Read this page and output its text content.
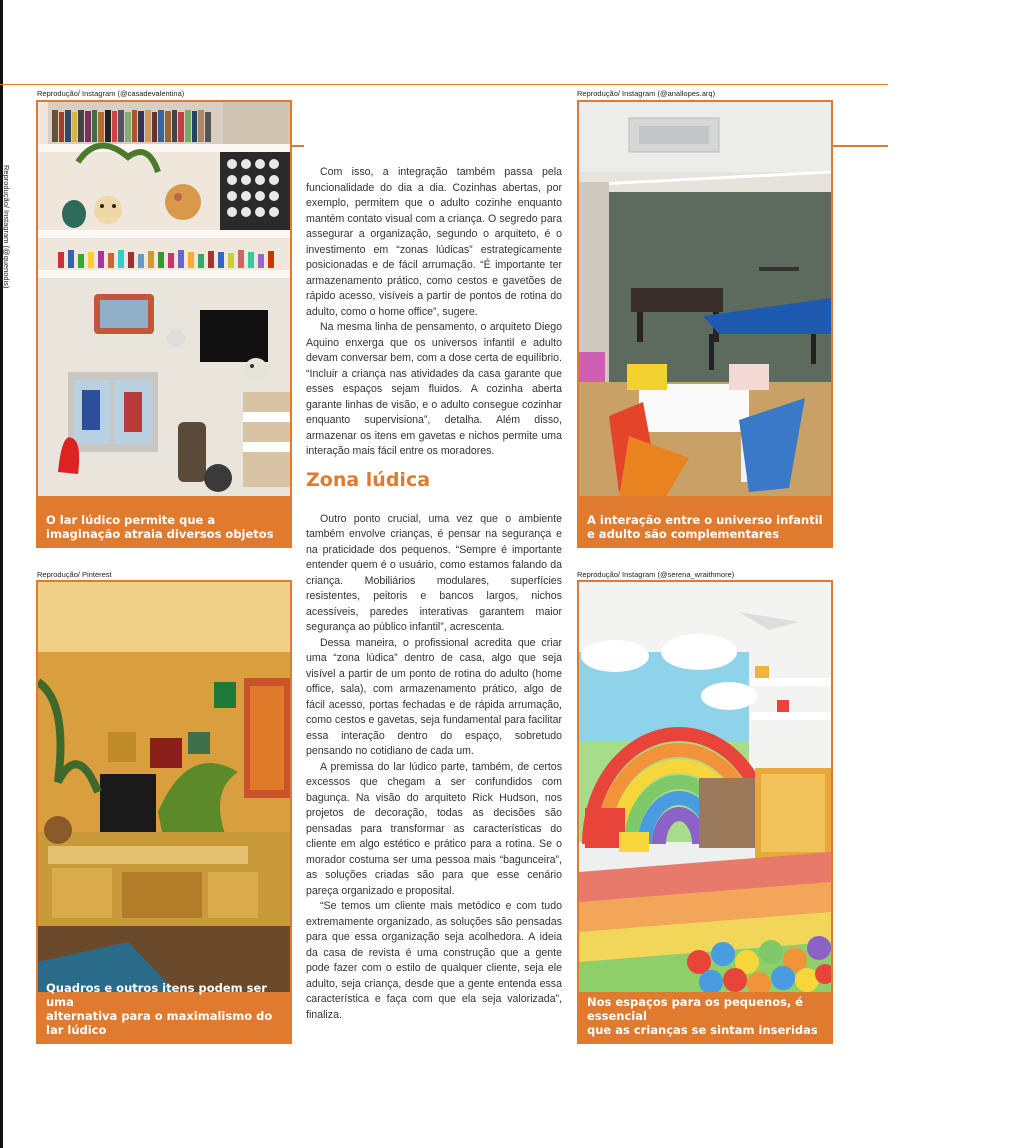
Reprodução/ Instagram (@quenodis)
Reprodução/ Instagram (@casadevalentina)
O lar lúdico permite que a
imaginação atraia diversos objetos
Reprodução/ Instagram (@anallopes.arq)
A interação entre o universo infantil
e adulto são complementares
Reprodução/ Pinterest
Quadros e outros itens podem ser uma
alternativa para o maximalismo do lar lúdico
Reprodução/ Instagram (@serena_wraithmore)
Nos espaços para os pequenos, é essencial
que as crianças se sintam inseridas

Com isso, a integração também passa pela funcionalidade do dia a dia. Cozinhas abertas, por exemplo, permitem que o adulto cozinhe enquanto mantém contato visual com a criança. O segredo para assegurar a organização, segundo o arquiteto, é o investimento em “zonas lúdicas” estrategicamente posicionadas e de fácil arrumação. “É importante ter armazenamento prático, como cestos e gavetões de rápido acesso, visíveis a partir de pontos de rotina do adulto, como o home office”, sugere.

Na mesma linha de pensamento, o arquiteto Diego Aquino enxerga que os universos infantil e adulto devam conversar bem, com a dose certa de equilíbrio. “Incluir a criança nas atividades da casa garante que esses espaços sejam fluidos. A cozinha aberta garante linhas de visão, e o adulto consegue cozinhar enquanto supervisiona”, detalha. Além disso, armazenar os itens em gavetas e nichos permite uma interação mais fácil entre os moradores.

Zona lúdica

Outro ponto crucial, uma vez que o ambiente também envolve crianças, é pensar na segurança e na praticidade dos pequenos. “Sempre é importante entender quem é o usuário, como estamos falando da criança. Mobiliários modulares, superfícies resistentes, peitoris e bancos largos, nichos acessíveis, paredes interativas garantem maior segurança ao público infantil”, acrescenta.

Dessa maneira, o profissional acredita que criar uma “zona lúdica” dentro de casa, algo que seja visível a partir de um ponto de rotina do adulto (home office, sala), com armazenamento prático, algo de fácil acesso, portas fechadas e de rápida arrumação, como cestos e gavetas, seja fundamental para facilitar essa interação dentro do espaço, sobretudo pensando no cotidiano de cada um.

A premissa do lar lúdico parte, também, de certos excessos que chegam a ser confundidos com bagunça. Na visão do arquiteto Rick Hudson, nos projetos de decoração, todas as decisões são pensadas para transformar as características do cliente em algo estético e prático para a rotina. Se o morador costuma ser uma pessoa mais “bagunceira”, as soluções criadas são para que esse cenário pareça organizado e proposital.

“Se temos um cliente mais metódico e com tudo extremamente organizado, as soluções são pensadas para que essa organização seja acolhedora. A ideia da casa de revista é uma construção que a gente pode fazer com o estilo de qualquer cliente, seja ele adulto, seja criança, desde que a gente entenda essa característica e faça com que ela seja valorizada”, finaliza.
